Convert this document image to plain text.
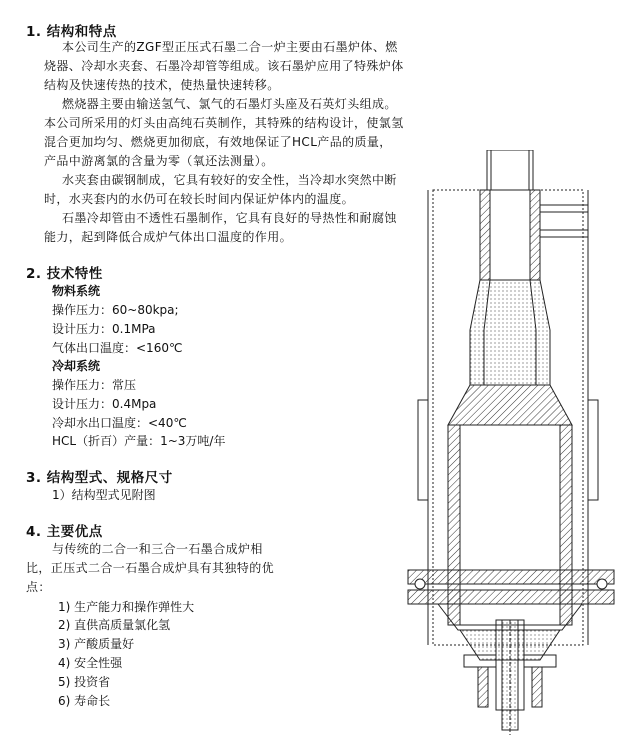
1. 结构和特点
本公司生产的ZGF型正压式石墨二合一炉主要由石墨炉体、燃烧器、冷却水夹套、石墨冷却管等组成。该石墨炉应用了特殊炉体结构及快速传热的技术，使热量快速转移。
燃烧器主要由输送氢气、氯气的石墨灯头座及石英灯头组成。本公司所采用的灯头由高纯石英制作，其特殊的结构设计，使氯氢混合更加均匀、燃烧更加彻底，有效地保证了HCL产品的质量，产品中游离氯的含量为零（氧还法测量）。
水夹套由碳钢制成，它具有较好的安全性，当冷却水突然中断时，水夹套内的水仍可在较长时间内保证炉体内的温度。
石墨冷却管由不透性石墨制作，它具有良好的导热性和耐腐蚀能力，起到降低合成炉气体出口温度的作用。
2. 技术特性
物料系统
操作压力：60~80kpa;
设计压力：0.1MPa
气体出口温度：<160℃
冷却系统
操作压力：常压
设计压力：0.4Mpa
冷却水出口温度：<40℃
HCL（折百）产量：1~3万吨/年
3. 结构型式、规格尺寸
1）结构型式见附图
4. 主要优点
与传统的二合一和三合一石墨合成炉相比，正压式二合一石墨合成炉具有其独特的优点：
1) 生产能力和操作弹性大
2) 直供高质量氯化氢
3) 产酸质量好
4) 安全性强
5) 投资省
6) 寿命长
